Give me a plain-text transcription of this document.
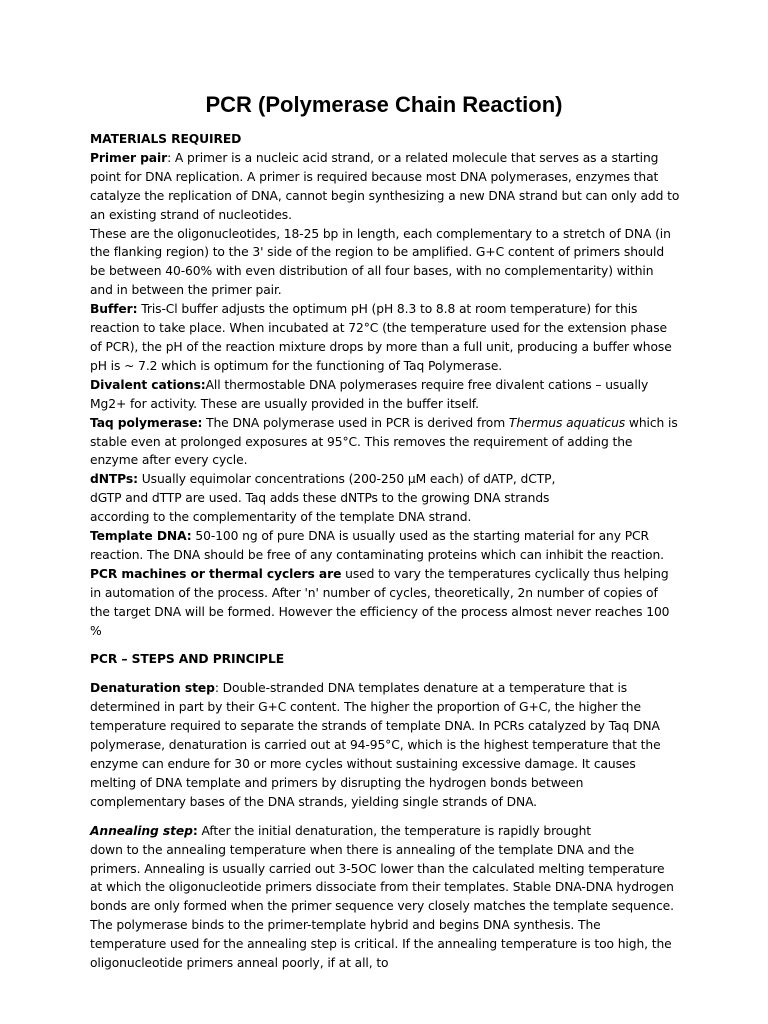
PCR (Polymerase Chain Reaction)

MATERIALS REQUIRED

Primer pair: A primer is a nucleic acid strand, or a related molecule that serves as a starting point for DNA replication. A primer is required because most DNA polymerases, enzymes that catalyze the replication of DNA, cannot begin synthesizing a new DNA strand but can only add to an existing strand of nucleotides.

These are the oligonucleotides, 18-25 bp in length, each complementary to a stretch of DNA (in the flanking region) to the 3' side of the region to be amplified. G+C content of primers should be between 40-60% with even distribution of all four bases, with no complementarity) within and in between the primer pair.

Buffer: Tris-Cl buffer adjusts the optimum pH (pH 8.3 to 8.8 at room temperature) for this reaction to take place. When incubated at 72°C (the temperature used for the extension phase of PCR), the pH of the reaction mixture drops by more than a full unit, producing a buffer whose pH is ~ 7.2 which is optimum for the functioning of Taq Polymerase.

Divalent cations:All thermostable DNA polymerases require free divalent cations – usually Mg2+ for activity. These are usually provided in the buffer itself.

Taq polymerase: The DNA polymerase used in PCR is derived from Thermus aquaticus which is stable even at prolonged exposures at 95°C. This removes the requirement of adding the enzyme after every cycle.

dNTPs: Usually equimolar concentrations (200-250 µM each) of dATP, dCTP,
dGTP and dTTP are used. Taq adds these dNTPs to the growing DNA strands
according to the complementarity of the template DNA strand.

Template DNA: 50-100 ng of pure DNA is usually used as the starting material for any PCR reaction. The DNA should be free of any contaminating proteins which can inhibit the reaction.

PCR machines or thermal cyclers are used to vary the temperatures cyclically thus helping in automation of the process. After 'n' number of cycles, theoretically, 2n number of copies of the target DNA will be formed. However the efficiency of the process almost never reaches 100 %

PCR – STEPS AND PRINCIPLE

Denaturation step: Double-stranded DNA templates denature at a temperature that is determined in part by their G+C content. The higher the proportion of G+C, the higher the temperature required to separate the strands of template DNA. In PCRs catalyzed by Taq DNA polymerase, denaturation is carried out at 94-95°C, which is the highest temperature that the enzyme can endure for 30 or more cycles without sustaining excessive damage. It causes melting of DNA template and primers by disrupting the hydrogen bonds between complementary bases of the DNA strands, yielding single strands of DNA.

Annealing step: After the initial denaturation, the temperature is rapidly brought
down to the annealing temperature when there is annealing of the template DNA and the primers. Annealing is usually carried out 3-5OC lower than the calculated melting temperature at which the oligonucleotide primers dissociate from their templates. Stable DNA-DNA hydrogen bonds are only formed when the primer sequence very closely matches the template sequence. The polymerase binds to the primer-template hybrid and begins DNA synthesis. The temperature used for the annealing step is critical. If the annealing temperature is too high, the oligonucleotide primers anneal poorly, if at all, to
